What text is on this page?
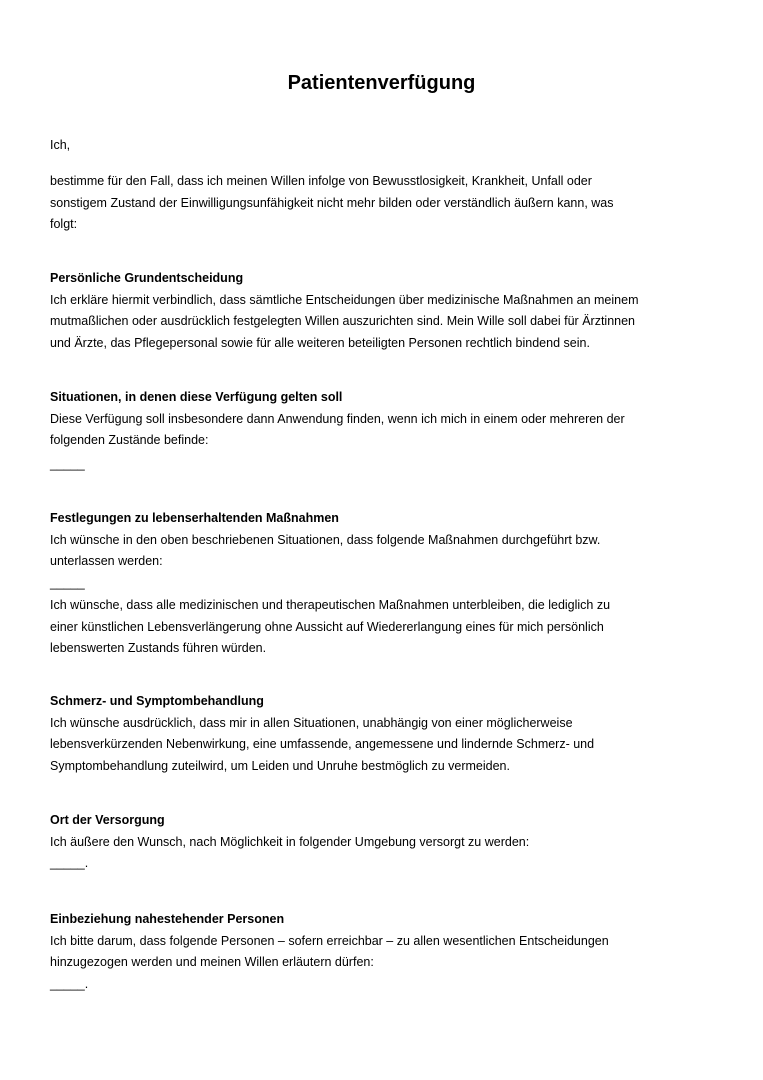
Patientenverfügung
Ich,
bestimme für den Fall, dass ich meinen Willen infolge von Bewusstlosigkeit, Krankheit, Unfall oder
sonstigem Zustand der Einwilligungsunfähigkeit nicht mehr bilden oder verständlich äußern kann, was
folgt:
Persönliche Grundentscheidung
Ich erkläre hiermit verbindlich, dass sämtliche Entscheidungen über medizinische Maßnahmen an meinem
mutmaßlichen oder ausdrücklich festgelegten Willen auszurichten sind. Mein Wille soll dabei für Ärztinnen
und Ärzte, das Pflegepersonal sowie für alle weiteren beteiligten Personen rechtlich bindend sein.
Situationen, in denen diese Verfügung gelten soll
Diese Verfügung soll insbesondere dann Anwendung finden, wenn ich mich in einem oder mehreren der
folgenden Zustände befinde:
_____
Festlegungen zu lebenserhaltenden Maßnahmen
Ich wünsche in den oben beschriebenen Situationen, dass folgende Maßnahmen durchgeführt bzw.
unterlassen werden:
_____
Ich wünsche, dass alle medizinischen und therapeutischen Maßnahmen unterbleiben, die lediglich zu
einer künstlichen Lebensverlängerung ohne Aussicht auf Wiedererlangung eines für mich persönlich
lebenswerten Zustands führen würden.
Schmerz- und Symptombehandlung
Ich wünsche ausdrücklich, dass mir in allen Situationen, unabhängig von einer möglicherweise
lebensverkürzenden Nebenwirkung, eine umfassende, angemessene und lindernde Schmerz- und
Symptombehandlung zuteilwird, um Leiden und Unruhe bestmöglich zu vermeiden.
Ort der Versorgung
Ich äußere den Wunsch, nach Möglichkeit in folgender Umgebung versorgt zu werden:
_____.
Einbeziehung nahestehender Personen
Ich bitte darum, dass folgende Personen – sofern erreichbar – zu allen wesentlichen Entscheidungen
hinzugezogen werden und meinen Willen erläutern dürfen:
_____.
